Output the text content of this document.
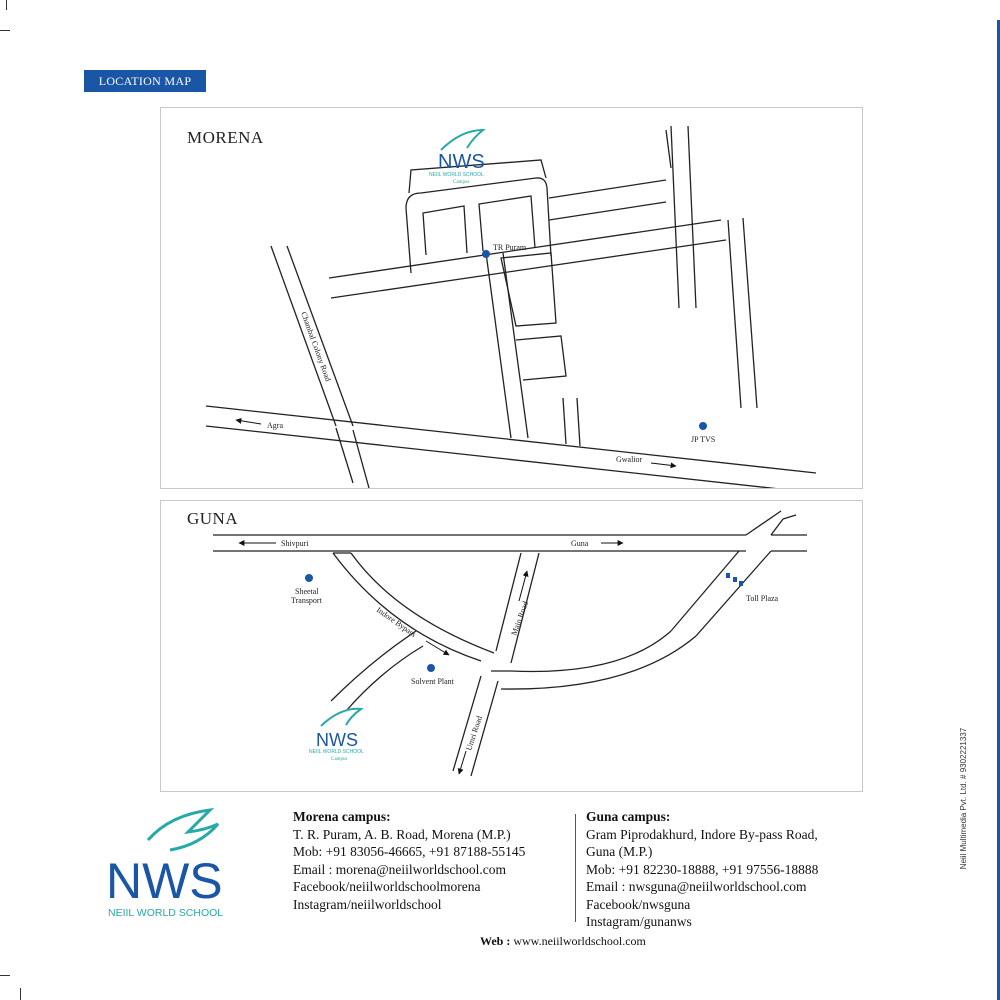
Neiil Multimedia Pvt. Ltd. # 9302221337
LOCATION MAP
MORENA
TR Puram
JP TVS
Chambal Colony Road
Agra
Gwalior
NWS
NEIIL WORLD SCHOOL
Campus
GUNA
Toll Plaza
Shivpuri	Guna
Sheetal
Transport
Indore Bypass	Main Road
Solvent Plant
Umri Road
NWS
NEIIL WORLD SCHOOL
Campus
NWS
NEIIL WORLD SCHOOL
Morena campus:
T. R. Puram, A. B. Road, Morena (M.P.)
Mob: +91 83056-46665, +91 87188-55145
Email : morena@neiilworldschool.com
Facebook/neiilworldschoolmorena
Instagram/neiilworldschool
Guna campus:
Gram Piprodakhurd, Indore By-pass Road,
Guna (M.P.)
Mob: +91 82230-18888, +91 97556-18888
Email : nwsguna@neiilworldschool.com
Facebook/nwsguna
Instagram/gunanws
Web : www.neiilworldschool.com
